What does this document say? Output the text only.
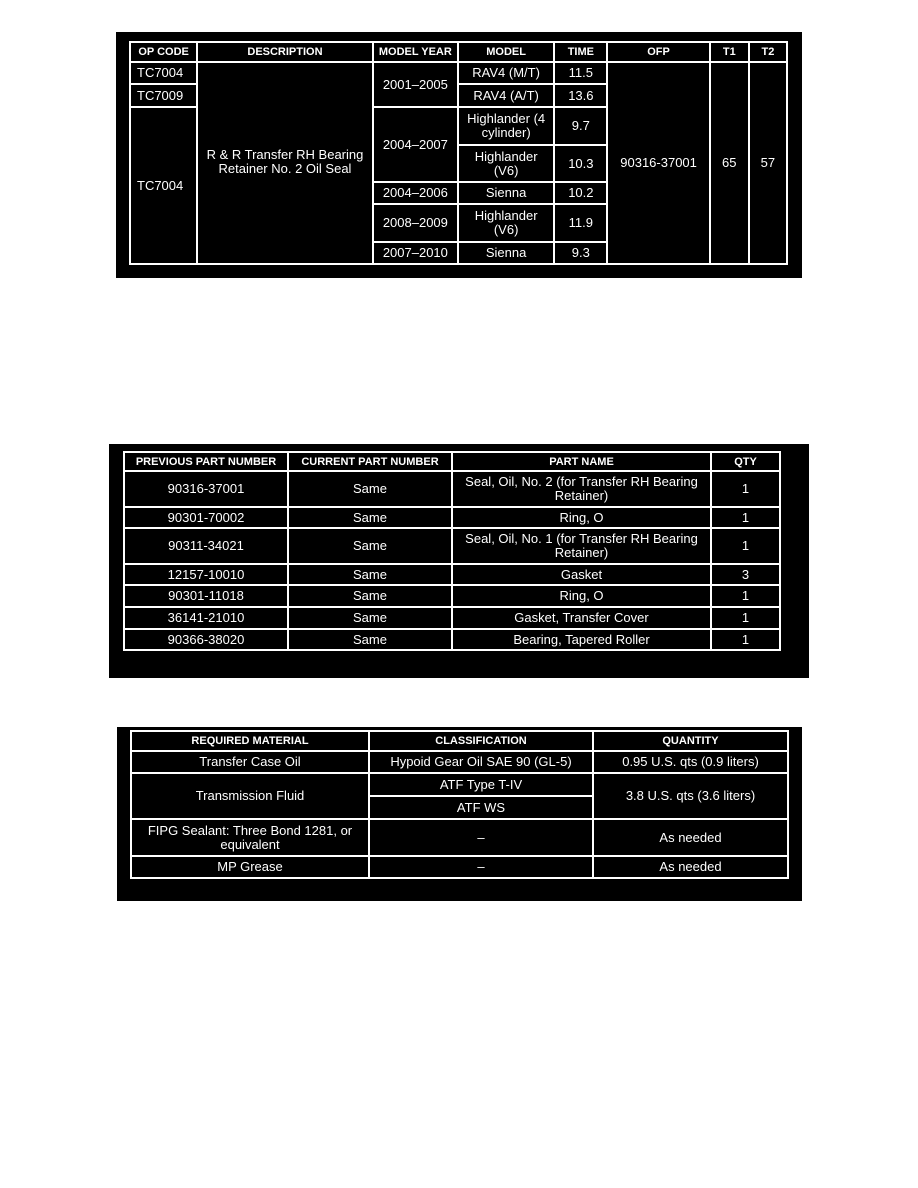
OP CODE	DESCRIPTION	MODEL YEAR	MODEL	TIME	OFP	T1	T2
TC7004	R & R Transfer RH Bearing Retainer No. 2 Oil Seal	2001–2005	RAV4 (M/T)	11.5	90316-37001	65	57
TC7009			RAV4 (A/T)	13.6			
TC7004		2004–2007	Highlander (4 cylinder)	9.7			
			Highlander (V6)	10.3			
		2004–2006	Sienna	10.2			
		2008–2009	Highlander (V6)	11.9			
		2007–2010	Sienna	9.3			
PREVIOUS PART NUMBER	CURRENT PART NUMBER	PART NAME	QTY
90316-37001	Same	Seal, Oil, No. 2 (for Transfer RH Bearing Retainer)	1
90301-70002	Same	Ring, O	1
90311-34021	Same	Seal, Oil, No. 1 (for Transfer RH Bearing Retainer)	1
12157-10010	Same	Gasket	3
90301-11018	Same	Ring, O	1
36141-21010	Same	Gasket, Transfer Cover	1
90366-38020	Same	Bearing, Tapered Roller	1
REQUIRED MATERIAL	CLASSIFICATION	QUANTITY
Transfer Case Oil	Hypoid Gear Oil SAE 90 (GL-5)	0.95 U.S. qts (0.9 liters)
Transmission Fluid	ATF Type T-IV	3.8 U.S. qts (3.6 liters)
	ATF WS	
FIPG Sealant: Three Bond 1281, or equivalent	–	As needed
MP Grease	–	As needed
